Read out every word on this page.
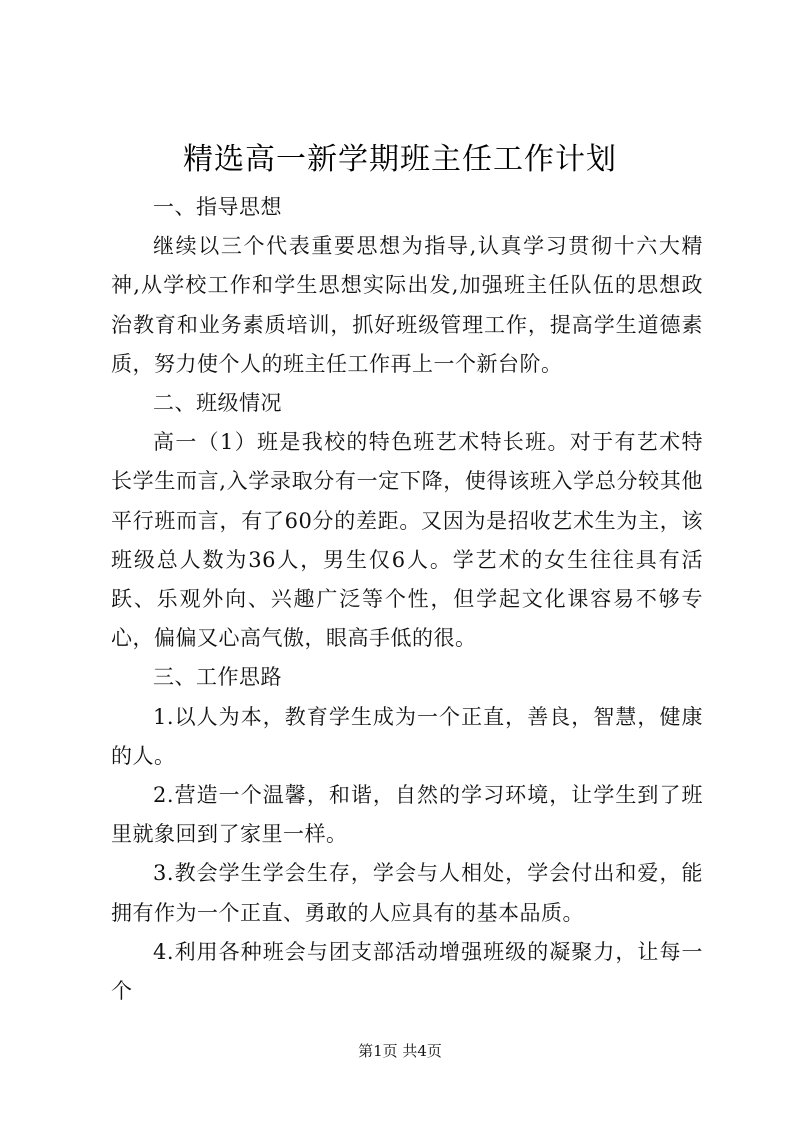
精选高一新学期班主任工作计划

一、指导思想

继续以三个代表重要思想为指导,认真学习贯彻十六大精神,从学校工作和学生思想实际出发,加强班主任队伍的思想政治教育和业务素质培训，抓好班级管理工作，提高学生道德素质，努力使个人的班主任工作再上一个新台阶。

二、班级情况

高一（1）班是我校的特色班艺术特长班。对于有艺术特长学生而言,入学录取分有一定下降，使得该班入学总分较其他平行班而言，有了60分的差距。又因为是招收艺术生为主，该班级总人数为36人，男生仅6人。学艺术的女生往往具有活跃、乐观外向、兴趣广泛等个性，但学起文化课容易不够专心，偏偏又心高气傲，眼高手低的很。

三、工作思路

1.以人为本，教育学生成为一个正直，善良，智慧，健康的人。

2.营造一个温馨，和谐，自然的学习环境，让学生到了班里就象回到了家里一样。

3.教会学生学会生存，学会与人相处，学会付出和爱，能拥有作为一个正直、勇敢的人应具有的基本品质。

4.利用各种班会与团支部活动增强班级的凝聚力，让每一个

第1页 共4页
